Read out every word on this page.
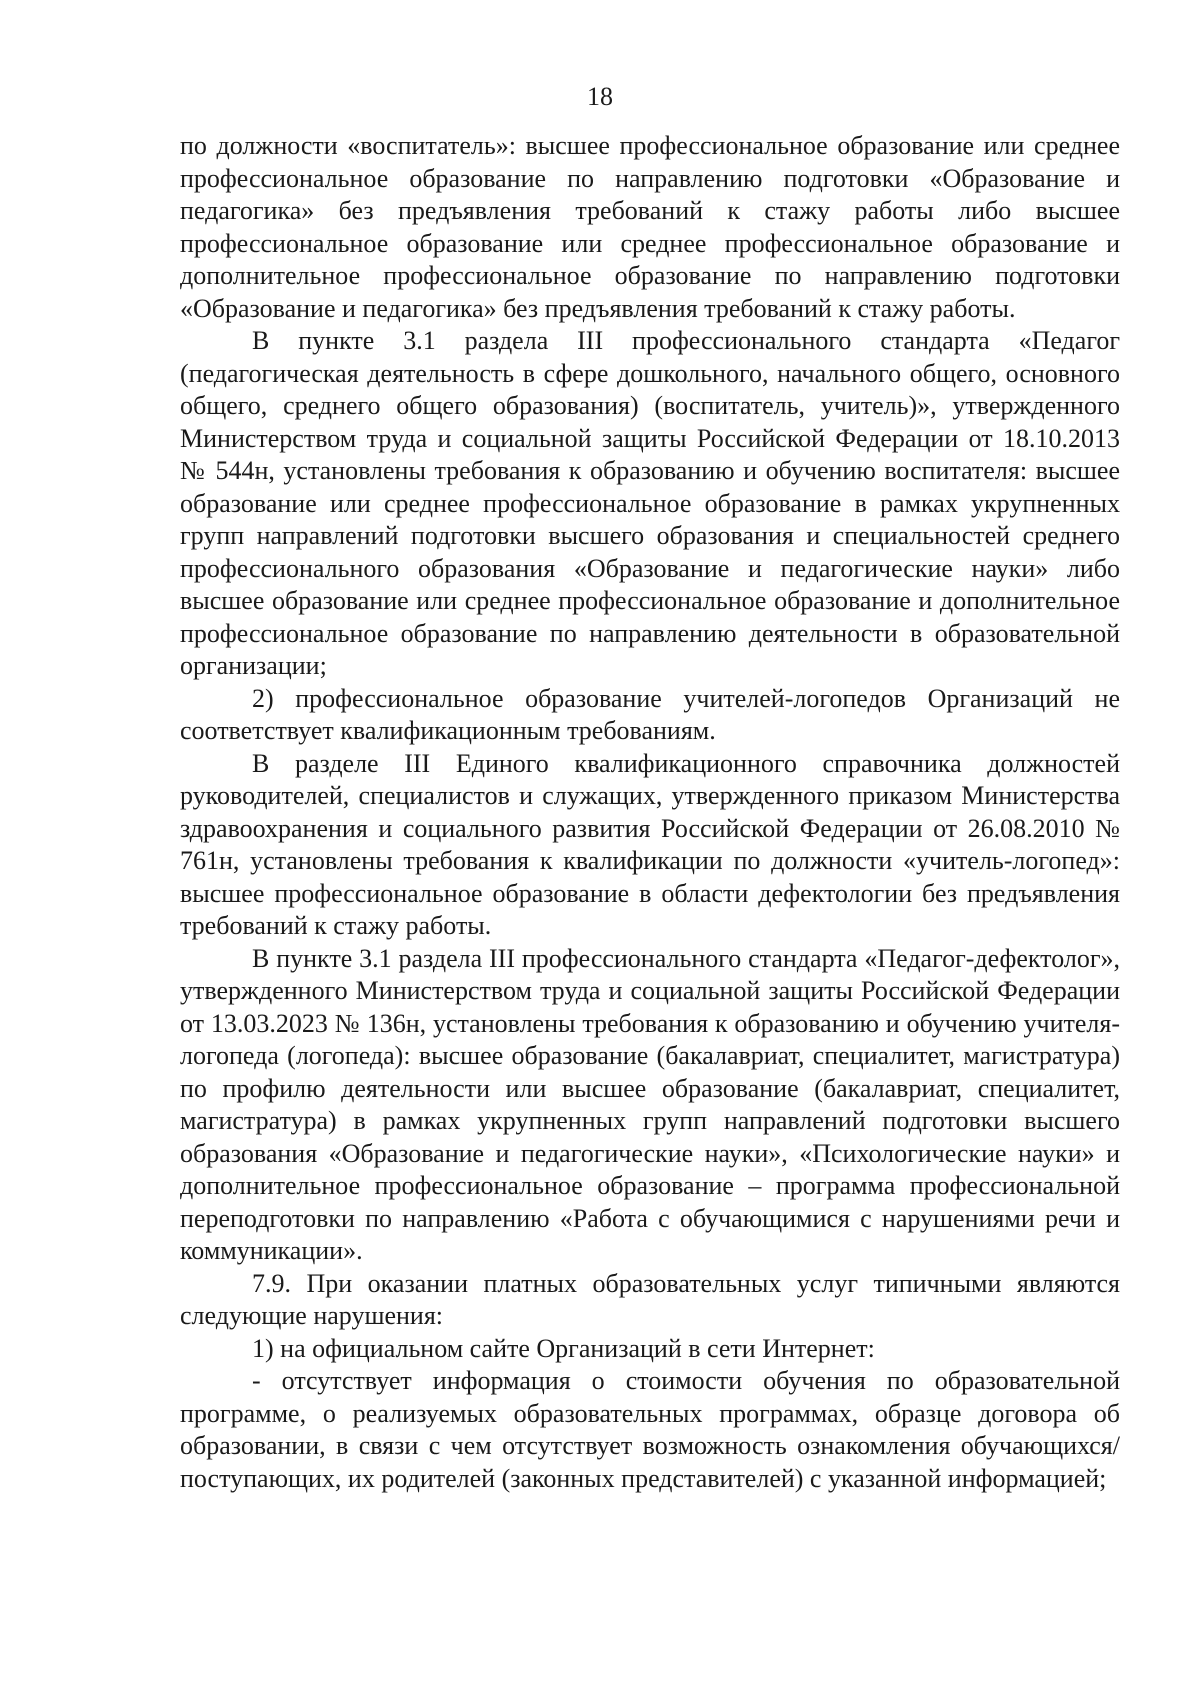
18

по должности «воспитатель»: высшее профессиональное образование или среднее профессиональное образование по направлению подготовки «Образование и педагогика» без предъявления требований к стажу работы либо высшее профессиональное образование или среднее профессиональное образование и дополнительное профессиональное образование по направлению подготовки «Образование и педагогика» без предъявления требований к стажу работы.

В пункте 3.1 раздела III профессионального стандарта «Педагог (педагогическая деятельность в сфере дошкольного, начального общего, основного общего, среднего общего образования) (воспитатель, учитель)», утвержденного Министерством труда и социальной защиты Российской Федерации от 18.10.2013 № 544н, установлены требования к образованию и обучению воспитателя: высшее образование или среднее профессиональное образование в рамках укрупненных групп направлений подготовки высшего образования и специальностей среднего профессионального образования «Образование и педагогические науки» либо высшее образование или среднее профессиональное образование и дополнительное профессиональное образование по направлению деятельности в образовательной организации;

2) профессиональное образование учителей-логопедов Организаций не соответствует квалификационным требованиям.

В разделе III Единого квалификационного справочника должностей руководителей, специалистов и служащих, утвержденного приказом Министерства здравоохранения и социального развития Российской Федерации от 26.08.2010 № 761н, установлены требования к квалификации по должности «учитель-логопед»: высшее профессиональное образование в области дефектологии без предъявления требований к стажу работы.

В пункте 3.1 раздела III профессионального стандарта «Педагог-дефектолог», утвержденного Министерством труда и социальной защиты Российской Федерации от 13.03.2023 № 136н, установлены требования к образованию и обучению учителя-логопеда (логопеда): высшее образование (бакалавриат, специалитет, магистратура) по профилю деятельности или высшее образование (бакалавриат, специалитет, магистратура) в рамках укрупненных групп направлений подготовки высшего образования «Образование и педагогические науки», «Психологические науки» и дополнительное профессиональное образование – программа профессиональной переподготовки по направлению «Работа с обучающимися с нарушениями речи и коммуникации».

7.9. При оказании платных образовательных услуг типичными являются следующие нарушения:

1) на официальном сайте Организаций в сети Интернет:

- отсутствует информация о стоимости обучения по образовательной программе, о реализуемых образовательных программах, образце договора об образовании, в связи с чем отсутствует возможность ознакомления обучающихся/поступающих, их родителей (законных представителей) с указанной информацией;
